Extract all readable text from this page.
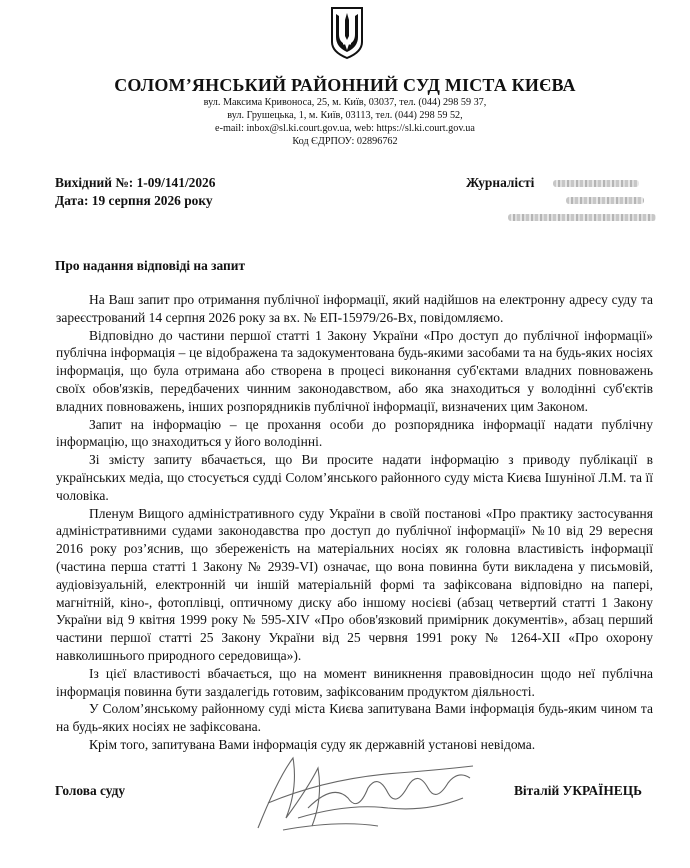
СОЛОМ’ЯНСЬКИЙ РАЙОННИЙ СУД МІСТА КИЄВА
вул. Максима Кривоноса, 25, м. Київ, 03037, тел. (044) 298 59 37,
вул. Грушецька, 1, м. Київ, 03113, тел. (044) 298 59 52,
e-mail: inbox@sl.ki.court.gov.ua, web: https://sl.ki.court.gov.ua
Код ЄДРПОУ: 02896762
Вихідний №: 1-09/141/2026
Дата: 19 серпня 2026 року
Журналісті
Про надання відповіді на запит

На Ваш запит про отримання публічної інформації, який надійшов на електронну адресу суду та зареєстрований 14 серпня 2026 року за вх. № ЕП-15979/26-Вх, повідомляємо.

Відповідно до частини першої статті 1 Закону України «Про доступ до публічної інформації» публічна інформація – це відображена та задокументована будь-якими засобами та на будь-яких носіях інформація, що була отримана або створена в процесі виконання суб'єктами владних повноважень своїх обов'язків, передбачених чинним законодавством, або яка знаходиться у володінні суб'єктів владних повноважень, інших розпорядників публічної інформації, визначених цим Законом.

Запит на інформацію – це прохання особи до розпорядника інформації надати публічну інформацію, що знаходиться у його володінні.

Зі змісту запиту вбачається, що Ви просите надати інформацію з приводу публікації в українських медіа, що стосується судді Солом’янського районного суду міста Києва Ішуніної Л.М. та її чоловіка.

Пленум Вищого адміністративного суду України в своїй постанові «Про практику застосування адміністративними судами законодавства про доступ до публічної інформації» №10 від 29 вересня 2016 року роз’яснив, що збереженість на матеріальних носіях як головна властивість інформації (частина перша статті 1 Закону № 2939-VI) означає, що вона повинна бути викладена у письмовій, аудіовізуальній, електронній чи іншій матеріальній формі та зафіксована відповідно на папері, магнітній, кіно-, фотоплівці, оптичному диску або іншому носієві (абзац четвертий статті 1 Закону України від 9 квітня 1999 року № 595-XIV «Про обов'язковий примірник документів», абзац перший частини першої статті 25 Закону України від 25 червня 1991 року № 1264-XII «Про охорону навколишнього природного середовища»).

Із цієї властивості вбачається, що на момент виникнення правовідносин щодо неї публічна інформація повинна бути заздалегідь готовим, зафіксованим продуктом діяльності.

У Солом’янському районному суді міста Києва запитувана Вами інформація будь-яким чином та на будь-яких носіях не зафіксована.

Крім того, запитувана Вами інформація суду як державній установі невідома.

Голова суду	Віталій УКРАЇНЕЦЬ
